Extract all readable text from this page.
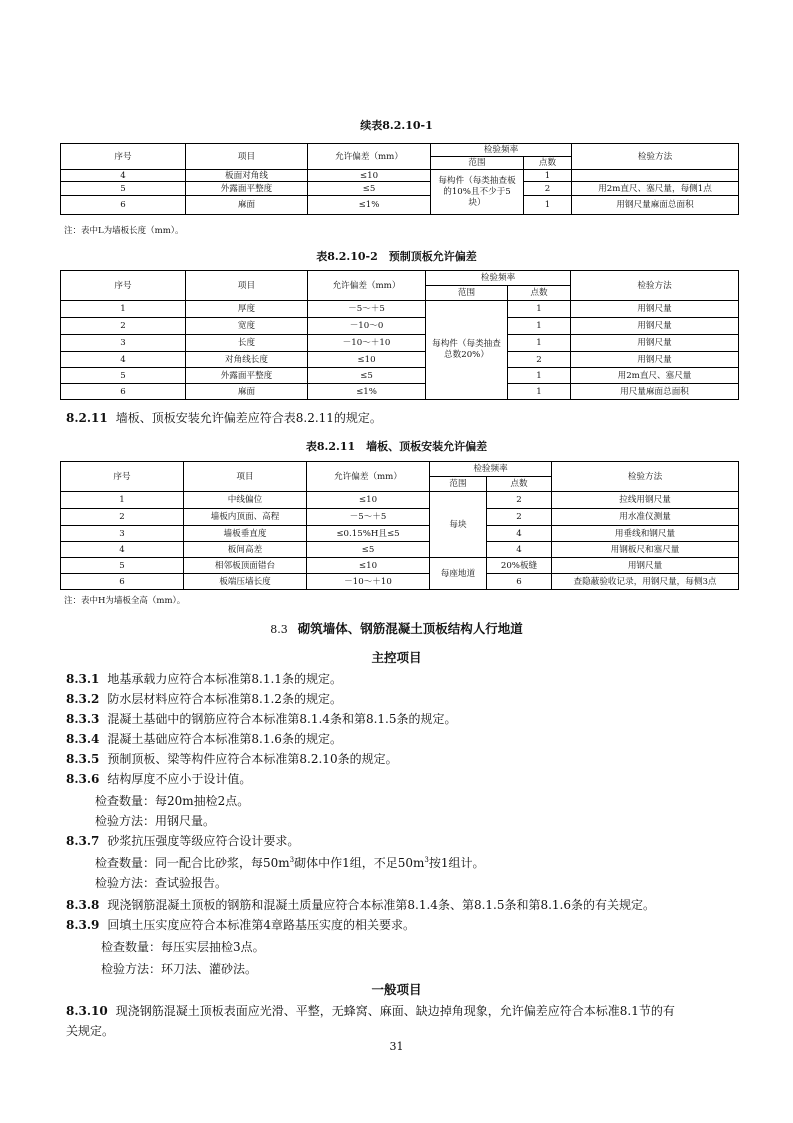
续表8.2.10-1
序号	项目	允许偏差（mm）	检验频率		检验方法
			范围	点数	
4	板面对角线	≤10	每构件（每类抽查板的10%且不少于5块）	1	
5	外露面平整度	≤5		2	用2m直尺、塞尺量，每侧1点
6	麻面	≤1%		1	用钢尺量麻面总面积
注：表中L为墙板长度（mm）。
表8.2.10-2　预制顶板允许偏差
序号	项目	允许偏差（mm）	检验频率		检验方法
			范围	点数	
1	厚度	－5～＋5	每构件（每类抽查总数20%）	1	用钢尺量
2	宽度	－10～0		1	用钢尺量
3	长度	－10～＋10		1	用钢尺量
4	对角线长度	≤10		2	用钢尺量
5	外露面平整度	≤5		1	用2m直尺、塞尺量
6	麻面	≤1%		1	用尺量麻面总面积
8.2.11 墙板、顶板安装允许偏差应符合表8.2.11的规定。
表8.2.11　墙板、顶板安装允许偏差
序号	项目	允许偏差（mm）	检验频率		检验方法
			范围	点数	
1	中线偏位	≤10	每块	2	拉线用钢尺量
2	墙板内顶面、高程	－5～＋5		2	用水准仪测量
3	墙板垂直度	≤0.15%H且≤5		4	用垂线和钢尺量
4	板间高差	≤5		4	用钢板尺和塞尺量
5	相邻板顶面错台	≤10	每座地道	20%板缝	用钢尺量
6	板端压墙长度	－10～＋10		6	查隐蔽验收记录，用钢尺量，每侧3点
注：表中H为墙板全高（mm）。
8.3 砌筑墙体、钢筋混凝土顶板结构人行地道
主控项目
8.3.1 地基承载力应符合本标准第8.1.1条的规定。
8.3.2 防水层材料应符合本标准第8.1.2条的规定。
8.3.3 混凝土基础中的钢筋应符合本标准第8.1.4条和第8.1.5条的规定。
8.3.4 混凝土基础应符合本标准第8.1.6条的规定。
8.3.5 预制顶板、梁等构件应符合本标准第8.2.10条的规定。
8.3.6 结构厚度不应小于设计值。
检查数量：每20m抽检2点。
检验方法：用钢尺量。
8.3.7 砂浆抗压强度等级应符合设计要求。
检查数量：同一配合比砂浆，每$50m^3$砌体中作1组，不足$50m^3$按1组计。
检验方法：查试验报告。
8.3.8 现浇钢筋混凝土顶板的钢筋和混凝土质量应符合本标准第8.1.4条、第8.1.5条和第8.1.6条的有关规定。
8.3.9 回填土压实度应符合本标准第4章路基压实度的相关要求。
检查数量：每压实层抽检3点。
检验方法：环刀法、灌砂法。
一般项目
8.3.10 现浇钢筋混凝土顶板表面应光滑、平整，无蜂窝、麻面、缺边掉角现象，允许偏差应符合本标准8.1节的有
关规定。
31
